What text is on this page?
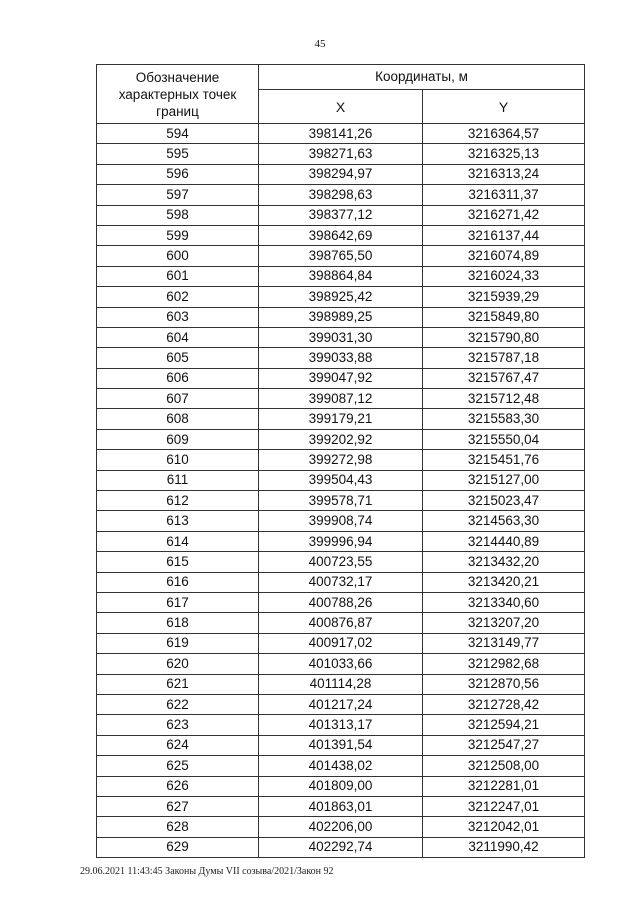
45
Обозначение характерных точек границ	Координаты, м	
	X	Y
594	398141,26	3216364,57
595	398271,63	3216325,13
596	398294,97	3216313,24
597	398298,63	3216311,37
598	398377,12	3216271,42
599	398642,69	3216137,44
600	398765,50	3216074,89
601	398864,84	3216024,33
602	398925,42	3215939,29
603	398989,25	3215849,80
604	399031,30	3215790,80
605	399033,88	3215787,18
606	399047,92	3215767,47
607	399087,12	3215712,48
608	399179,21	3215583,30
609	399202,92	3215550,04
610	399272,98	3215451,76
611	399504,43	3215127,00
612	399578,71	3215023,47
613	399908,74	3214563,30
614	399996,94	3214440,89
615	400723,55	3213432,20
616	400732,17	3213420,21
617	400788,26	3213340,60
618	400876,87	3213207,20
619	400917,02	3213149,77
620	401033,66	3212982,68
621	401114,28	3212870,56
622	401217,24	3212728,42
623	401313,17	3212594,21
624	401391,54	3212547,27
625	401438,02	3212508,00
626	401809,00	3212281,01
627	401863,01	3212247,01
628	402206,00	3212042,01
629	402292,74	3211990,42
29.06.2021 11:43:45 Законы Думы VII созыва/2021/Закон 92
